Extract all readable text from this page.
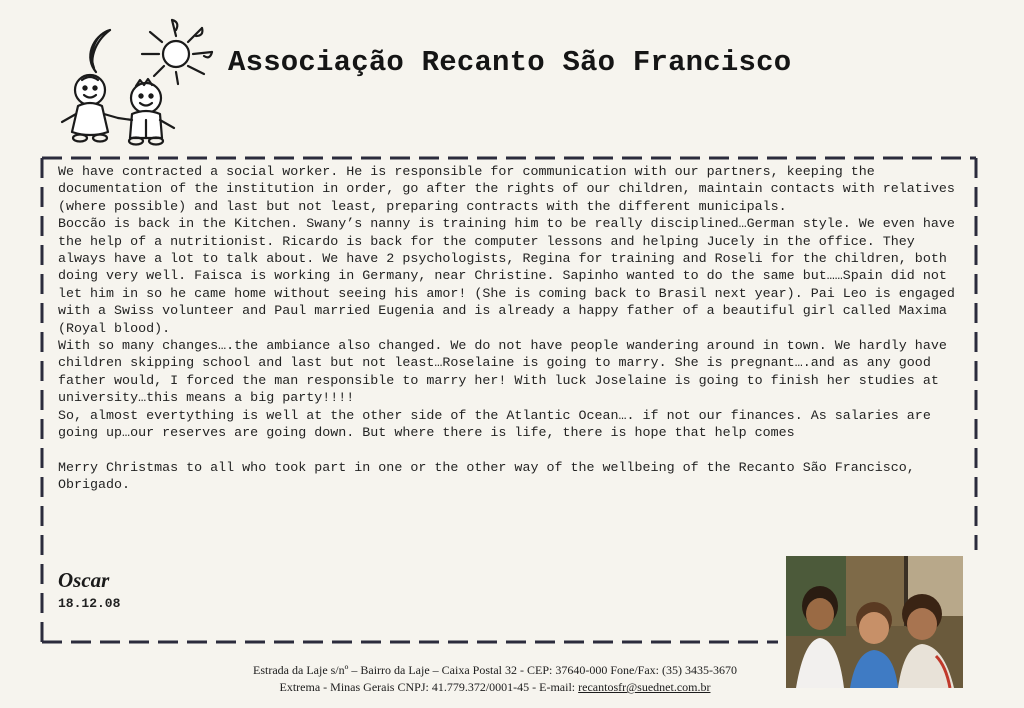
Associação Recanto São Francisco

We have contracted a social worker. He is responsible for communication with our partners, keeping the documentation of the institution in order, go after the rights of our children, maintain contacts with relatives (where possible) and last but not least, preparing contracts with the different municipals.

Boccão is back in the Kitchen. Swany’s nanny is training him to be really disciplined…German style. We even have the help of a nutritionist. Ricardo is back for the computer lessons and helping Jucely in the office. They always have a lot to talk about. We have 2 psychologists, Regina for training and Roseli for the children, both doing very well. Faisca is working in Germany, near Christine. Sapinho wanted to do the same but……Spain did not let him in so he came home without seeing his amor! (She is coming back to Brasil next year). Pai Leo is engaged with a Swiss volunteer and Paul married Eugenia and is already a happy father of a beautiful girl called Maxima (Royal blood).

With so many changes….the ambiance also changed. We do not have people wandering around in town. We hardly have children skipping school and last but not least…Roselaine is going to marry. She is pregnant….and as any good father would, I forced the man responsible to marry her! With luck Joselaine is going to finish her studies at university…this means a big party!!!!

So, almost evertything is well at the other side of the Atlantic Ocean…. if not our finances. As salaries are going up…our reserves are going down. But where there is life, there is hope that help comes

Merry Christmas to all who took part in one or the other way of the wellbeing of the Recanto São Francisco, Obrigado.

Oscar
18.12.08
Estrada da Laje s/nº – Bairro da Laje – Caixa Postal 32 - CEP: 37640-000 Fone/Fax: (35) 3435-3670
Extrema - Minas Gerais CNPJ: 41.779.372/0001-45 - E-mail: recantosfr@suednet.com.br
